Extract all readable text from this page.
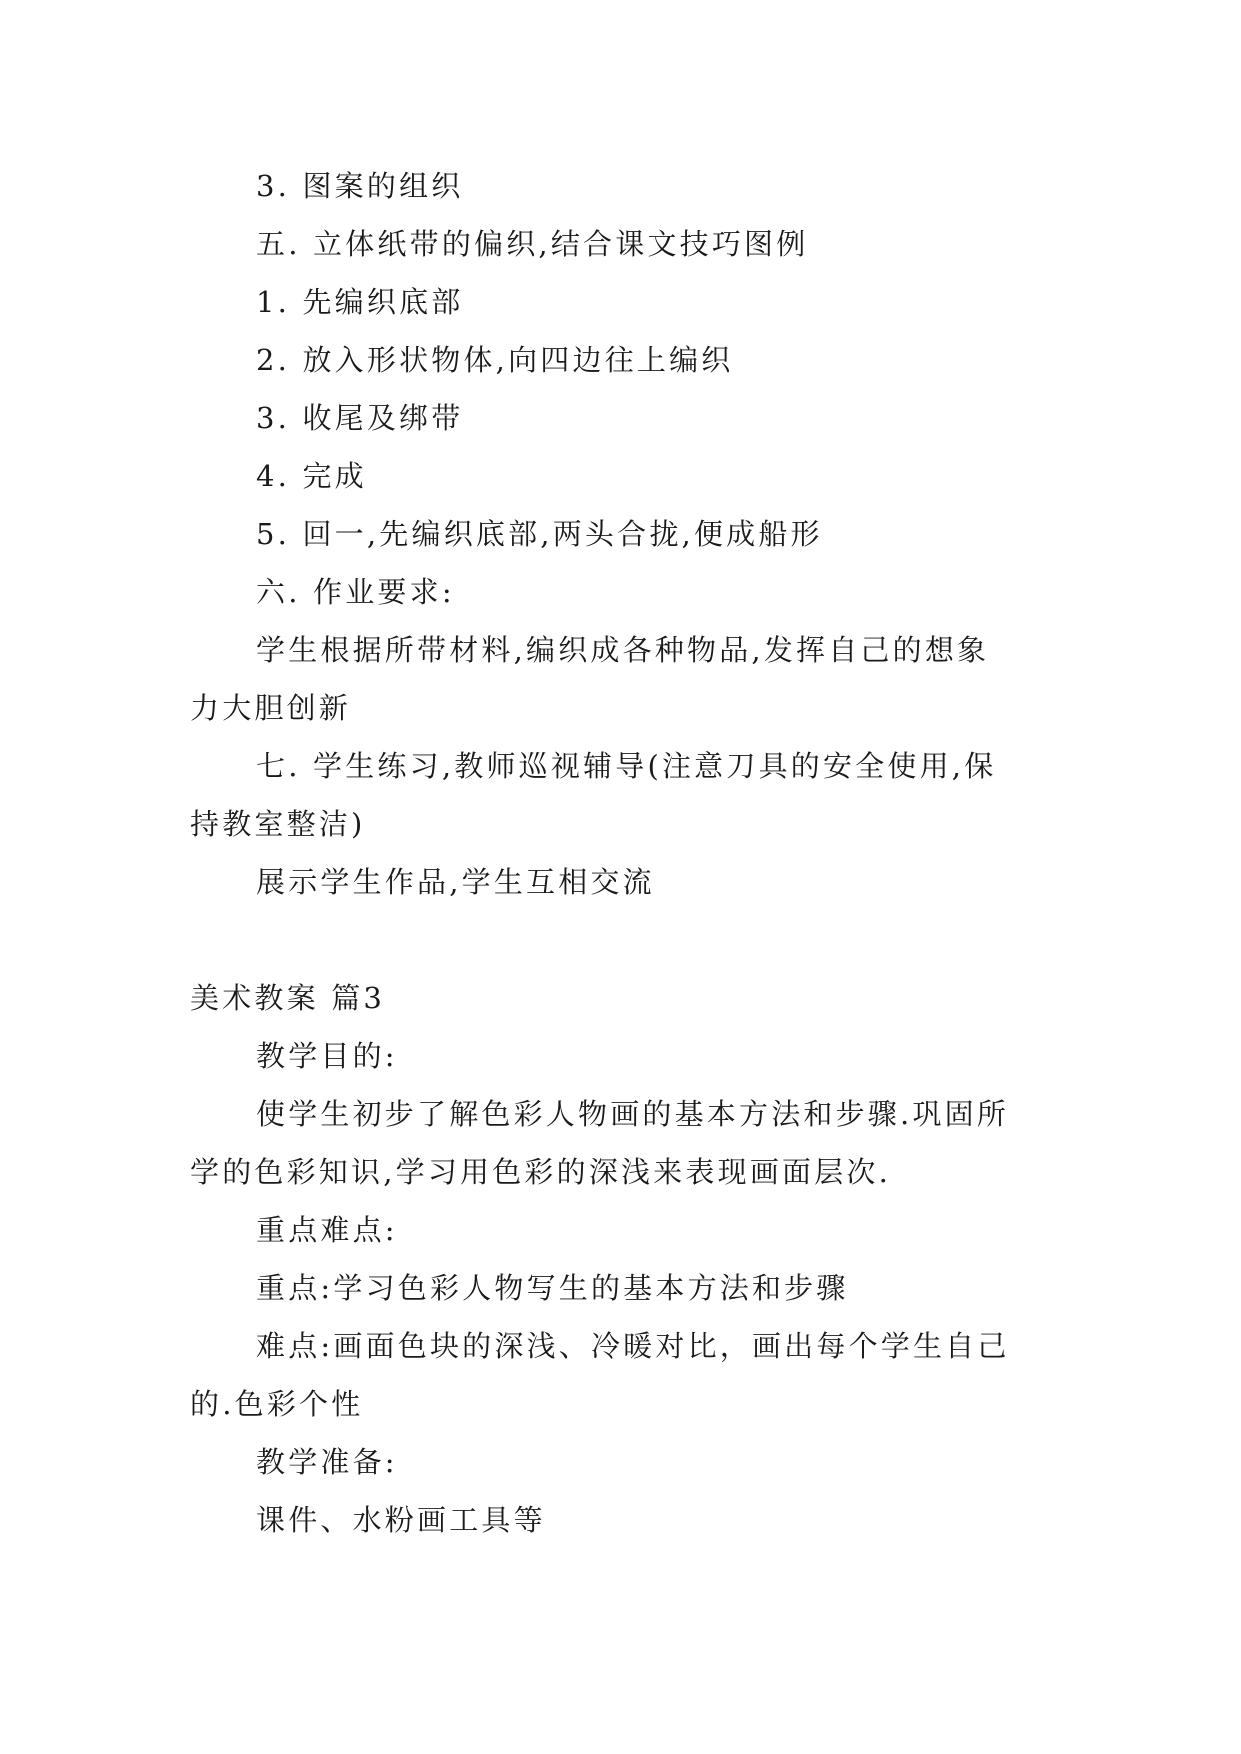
3. 图案的组织

五. 立体纸带的偏织,结合课文技巧图例

1. 先编织底部

2. 放入形状物体,向四边往上编织

3. 收尾及绑带

4. 完成

5. 回一,先编织底部,两头合拢,便成船形

六. 作业要求:

学生根据所带材料,编织成各种物品,发挥自己的想象

力大胆创新

七. 学生练习,教师巡视辅导(注意刀具的安全使用,保

持教室整洁)

展示学生作品,学生互相交流

美术教案 篇3

教学目的:

使学生初步了解色彩人物画的基本方法和步骤.巩固所

学的色彩知识,学习用色彩的深浅来表现画面层次.

重点难点:

重点:学习色彩人物写生的基本方法和步骤

难点:画面色块的深浅、冷暖对比，画出每个学生自己

的.色彩个性

教学准备:

课件、水粉画工具等
